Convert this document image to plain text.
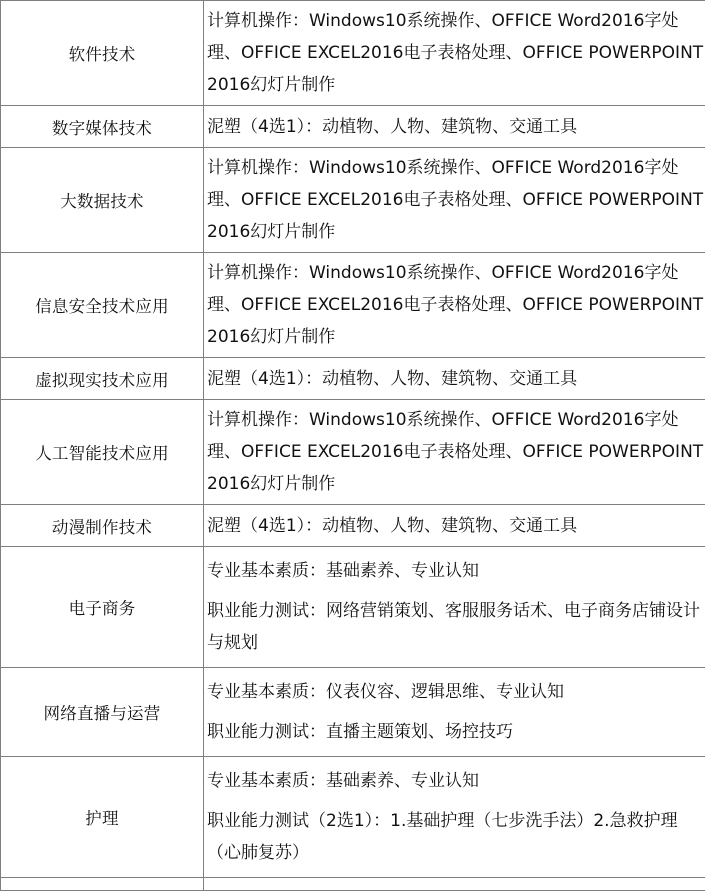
软件技术	计算机操作：Windows10系统操作、OFFICE Word2016字处理、OFFICE EXCEL2016电子表格处理、OFFICE POWERPOINT 2016幻灯片制作

数字媒体技术	泥塑（4选1）：动植物、人物、建筑物、交通工具

大数据技术	计算机操作：Windows10系统操作、OFFICE Word2016字处理、OFFICE EXCEL2016电子表格处理、OFFICE POWERPOINT 2016幻灯片制作

信息安全技术应用	计算机操作：Windows10系统操作、OFFICE Word2016字处理、OFFICE EXCEL2016电子表格处理、OFFICE POWERPOINT 2016幻灯片制作

虚拟现实技术应用	泥塑（4选1）：动植物、人物、建筑物、交通工具

人工智能技术应用	计算机操作：Windows10系统操作、OFFICE Word2016字处理、OFFICE EXCEL2016电子表格处理、OFFICE POWERPOINT 2016幻灯片制作

动漫制作技术	泥塑（4选1）：动植物、人物、建筑物、交通工具

电子商务	专业基本素质：基础素养、专业认知
职业能力测试：网络营销策划、客服服务话术、电子商务店铺设计与规划

网络直播与运营	专业基本素质：仪表仪容、逻辑思维、专业认知
职业能力测试：直播主题策划、场控技巧

护理	专业基本素质：基础素养、专业认知
职业能力测试（2选1）：1.基础护理（七步洗手法）2.急救护理（心肺复苏）
